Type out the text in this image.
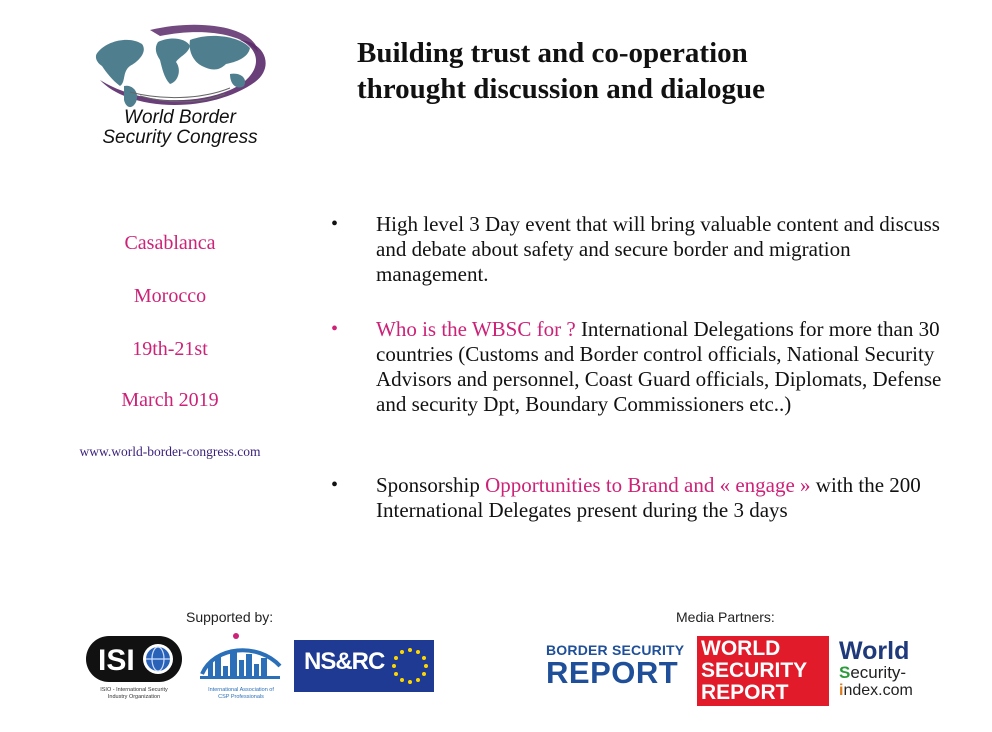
World Border
Security Congress
Building trust and co-operation
throught discussion and dialogue
Casablanca
Morocco
19th-21st
March 2019
www.world-border-congress.com
• High level 3 Day event that will bring valuable content and discuss and debate about safety and secure border and migration management.
• Who is the WBSC for ? International Delegations for more than 30 countries (Customs and Border control officials, National Security Advisors and personnel, Coast Guard officials, Diplomats, Defense and security Dpt, Boundary Commissioners etc..)
• Sponsorship Opportunities to Brand and « engage » with the 200 International Delegates present during the 3 days
Supported by:	Media Partners:
ISI
ISIO - International Security
Industry Organization
International Association of
CSP Professionals
NS&RC	BORDER SECURITY
REPORT
WORLD
SECURITY
REPORT
World
Security-
index.com
